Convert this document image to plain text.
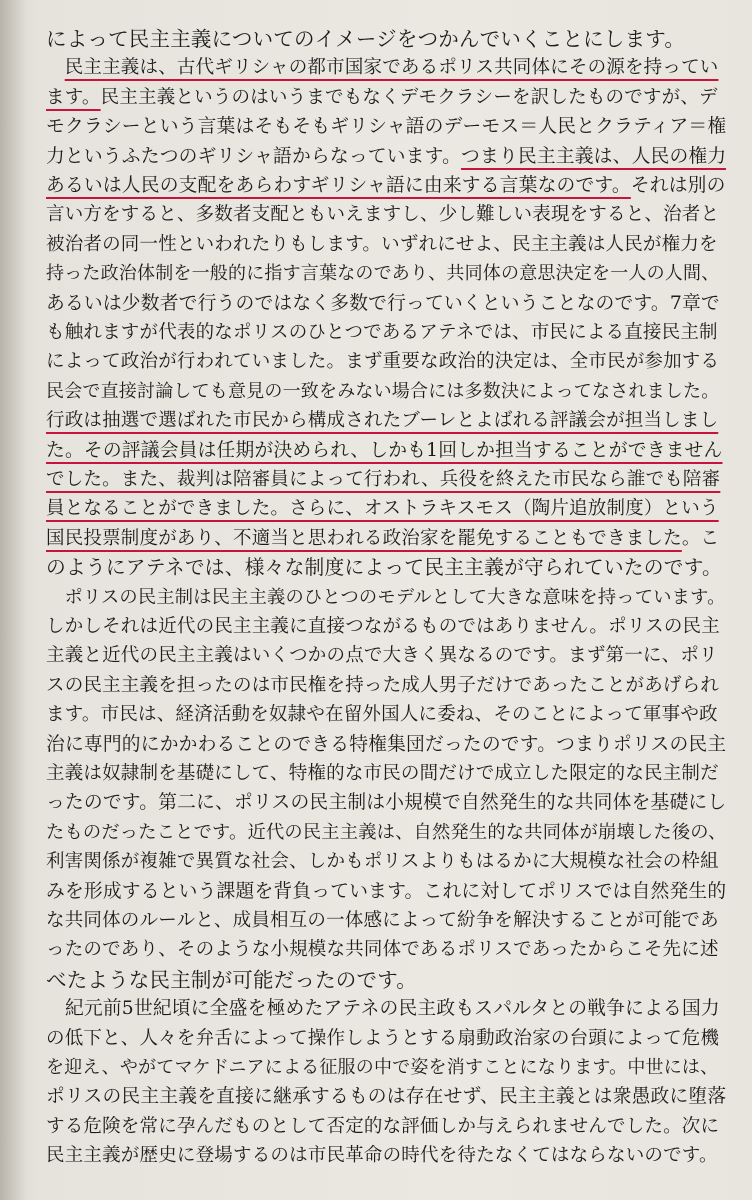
によって民主主義についてのイメージをつかんでいくことにします。
　民主主義は、古代ギリシャの都市国家であるポリス共同体にその源を持ってい
ます。民主主義というのはいうまでもなくデモクラシーを訳したものですが、デ
モクラシーという言葉はそもそもギリシャ語のデーモス＝人民とクラティア＝権
力というふたつのギリシャ語からなっています。つまり民主主義は、人民の権力
あるいは人民の支配をあらわすギリシャ語に由来する言葉なのです。それは別の
言い方をすると、多数者支配ともいえますし、少し難しい表現をすると、治者と
被治者の同一性といわれたりもします。いずれにせよ、民主主義は人民が権力を
持った政治体制を一般的に指す言葉なのであり、共同体の意思決定を一人の人間、
あるいは少数者で行うのではなく多数で行っていくということなのです。7章で
も触れますが代表的なポリスのひとつであるアテネでは、市民による直接民主制
によって政治が行われていました。まず重要な政治的決定は、全市民が参加する
民会で直接討論しても意見の一致をみない場合には多数決によってなされました。
行政は抽選で選ばれた市民から構成されたブーレとよばれる評議会が担当しまし
た。その評議会員は任期が決められ、しかも1回しか担当することができません
でした。また、裁判は陪審員によって行われ、兵役を終えた市民なら誰でも陪審
員となることができました。さらに、オストラキスモス（陶片追放制度）という
国民投票制度があり、不適当と思われる政治家を罷免することもできました。こ
のようにアテネでは、様々な制度によって民主主義が守られていたのです。
　ポリスの民主制は民主主義のひとつのモデルとして大きな意味を持っています。
しかしそれは近代の民主主義に直接つながるものではありません。ポリスの民主
主義と近代の民主主義はいくつかの点で大きく異なるのです。まず第一に、ポリ
スの民主主義を担ったのは市民権を持った成人男子だけであったことがあげられ
ます。市民は、経済活動を奴隷や在留外国人に委ね、そのことによって軍事や政
治に専門的にかかわることのできる特権集団だったのです。つまりポリスの民主
主義は奴隷制を基礎にして、特権的な市民の間だけで成立した限定的な民主制だ
ったのです。第二に、ポリスの民主制は小規模で自然発生的な共同体を基礎にし
たものだったことです。近代の民主主義は、自然発生的な共同体が崩壊した後の、
利害関係が複雑で異質な社会、しかもポリスよりもはるかに大規模な社会の枠組
みを形成するという課題を背負っています。これに対してポリスでは自然発生的
な共同体のルールと、成員相互の一体感によって紛争を解決することが可能であ
ったのであり、そのような小規模な共同体であるポリスであったからこそ先に述
べたような民主制が可能だったのです。
　紀元前5世紀頃に全盛を極めたアテネの民主政もスパルタとの戦争による国力
の低下と、人々を弁舌によって操作しようとする扇動政治家の台頭によって危機
を迎え、やがてマケドニアによる征服の中で姿を消すことになります。中世には、
ポリスの民主主義を直接に継承するものは存在せず、民主主義とは衆愚政に堕落
する危険を常に孕んだものとして否定的な評価しか与えられませんでした。次に
民主主義が歴史に登場するのは市民革命の時代を待たなくてはならないのです。
